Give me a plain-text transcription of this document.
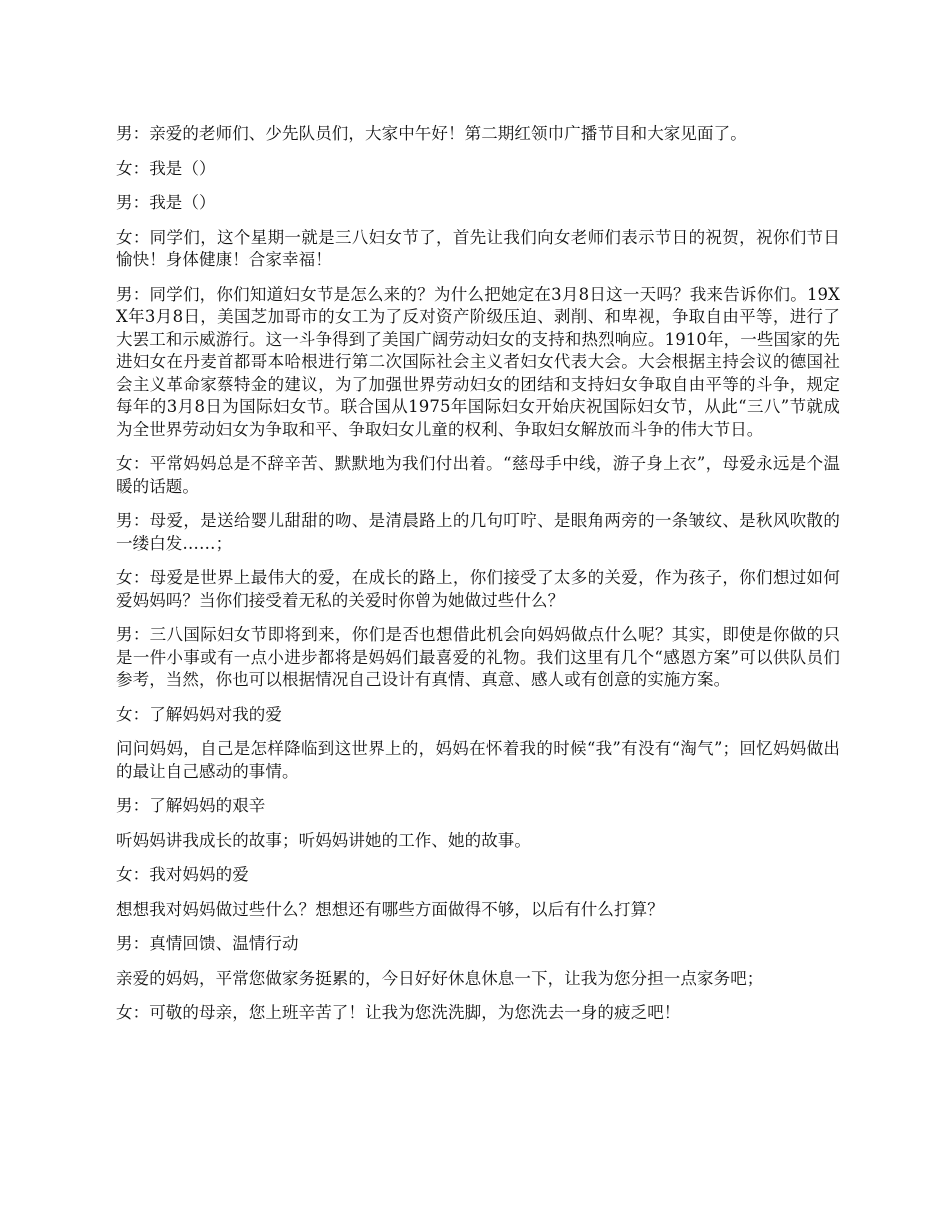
男：亲爱的老师们、少先队员们，大家中午好！第二期红领巾广播节目和大家见面了。

女：我是（）

男：我是（）

女：同学们，这个星期一就是三八妇女节了，首先让我们向女老师们表示节日的祝贺，祝你们节日愉快！身体健康！合家幸福！

男：同学们，你们知道妇女节是怎么来的？为什么把她定在3月8日这一天吗？我来告诉你们。19XX年3月8日，美国芝加哥市的女工为了反对资产阶级压迫、剥削、和卑视，争取自由平等，进行了大罢工和示威游行。这一斗争得到了美国广阔劳动妇女的支持和热烈响应。1910年，一些国家的先进妇女在丹麦首都哥本哈根进行第二次国际社会主义者妇女代表大会。大会根据主持会议的德国社会主义革命家蔡特金的建议，为了加强世界劳动妇女的团结和支持妇女争取自由平等的斗争，规定每年的3月8日为国际妇女节。联合国从1975年国际妇女开始庆祝国际妇女节，从此“三八”节就成为全世界劳动妇女为争取和平、争取妇女儿童的权利、争取妇女解放而斗争的伟大节日。

女：平常妈妈总是不辞辛苦、默默地为我们付出着。“慈母手中线，游子身上衣”，母爱永远是个温暖的话题。

男：母爱，是送给婴儿甜甜的吻、是清晨路上的几句叮咛、是眼角两旁的一条皱纹、是秋风吹散的一缕白发……；

女：母爱是世界上最伟大的爱，在成长的路上，你们接受了太多的关爱，作为孩子，你们想过如何爱妈妈吗？当你们接受着无私的关爱时你曾为她做过些什么？

男：三八国际妇女节即将到来，你们是否也想借此机会向妈妈做点什么呢？其实，即使是你做的只是一件小事或有一点小进步都将是妈妈们最喜爱的礼物。我们这里有几个“感恩方案”可以供队员们参考，当然，你也可以根据情况自己设计有真情、真意、感人或有创意的实施方案。

女：了解妈妈对我的爱

问问妈妈，自己是怎样降临到这世界上的，妈妈在怀着我的时候“我”有没有“淘气”；回忆妈妈做出的最让自己感动的事情。

男：了解妈妈的艰辛

听妈妈讲我成长的故事；听妈妈讲她的工作、她的故事。

女：我对妈妈的爱

想想我对妈妈做过些什么？想想还有哪些方面做得不够，以后有什么打算？

男：真情回馈、温情行动

亲爱的妈妈，平常您做家务挺累的，今日好好休息休息一下，让我为您分担一点家务吧；

女：可敬的母亲，您上班辛苦了！让我为您洗洗脚，为您洗去一身的疲乏吧！
